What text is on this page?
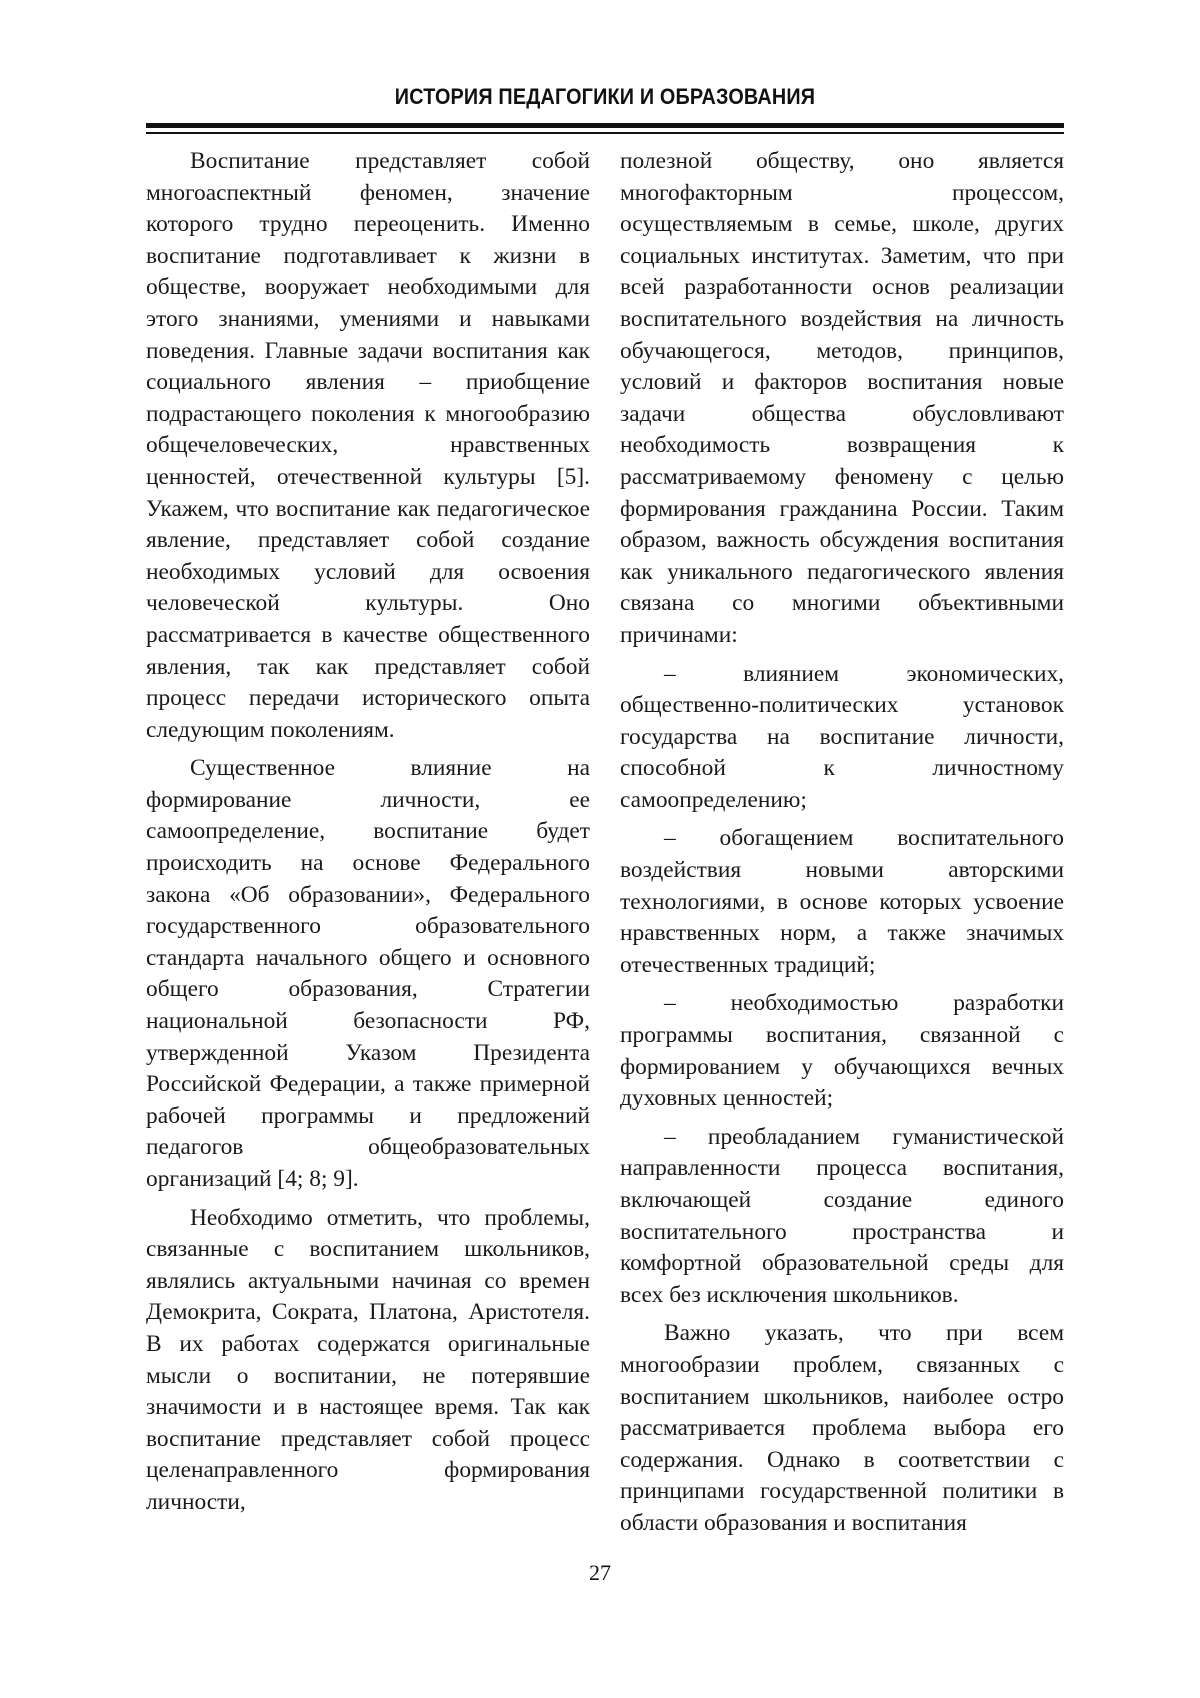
ИСТОРИЯ ПЕДАГОГИКИ И ОБРАЗОВАНИЯ

Воспитание представляет собой многоаспектный феномен, значение которого трудно переоценить. Именно воспитание подготавливает к жизни в обществе, вооружает необходимыми для этого знаниями, умениями и навыками поведения. Главные задачи воспитания как социального явления – приобщение подрастающего поколения к многообразию общечеловеческих, нравственных ценностей, отечественной культуры [5]. Укажем, что воспитание как педагогическое явление, представляет собой создание необходимых условий для освоения человеческой культуры. Оно рассматривается в качестве общественного явления, так как представляет собой процесс передачи исторического опыта следующим поколениям.

Существенное влияние на формирование личности, ее самоопределение, воспитание будет происходить на основе Федерального закона «Об образовании», Федерального государственного образовательного стандарта начального общего и основного общего образования, Стратегии национальной безопасности РФ, утвержденной Указом Президента Российской Федерации, а также примерной рабочей программы и предложений педагогов общеобразовательных организаций [4; 8; 9].

Необходимо отметить, что проблемы, связанные с воспитанием школьников, являлись актуальными начиная со времен Демокрита, Сократа, Платона, Аристотеля. В их работах содержатся оригинальные мысли о воспитании, не потерявшие значимости и в настоящее время. Так как воспитание представляет собой процесс целенаправленного формирования личности,

полезной обществу, оно является многофакторным процессом, осуществляемым в семье, школе, других социальных институтах. Заметим, что при всей разработанности основ реализации воспитательного воздействия на личность обучающегося, методов, принципов, условий и факторов воспитания новые задачи общества обусловливают необходимость возвращения к рассматриваемому феномену с целью формирования гражданина России. Таким образом, важность обсуждения воспитания как уникального педагогического явления связана со многими объективными причинами:

– влиянием экономических, общественно-политических установок государства на воспитание личности, способной к личностному самоопределению;

– обогащением воспитательного воздействия новыми авторскими технологиями, в основе которых усвоение нравственных норм, а также значимых отечественных традиций;

– необходимостью разработки программы воспитания, связанной с формированием у обучающихся вечных духовных ценностей;

– преобладанием гуманистической направленности процесса воспитания, включающей создание единого воспитательного пространства и комфортной образовательной среды для всех без исключения школьников.

Важно указать, что при всем многообразии проблем, связанных с воспитанием школьников, наиболее остро рассматривается проблема выбора его содержания. Однако в соответствии с принципами государственной политики в области образования и воспитания

27
